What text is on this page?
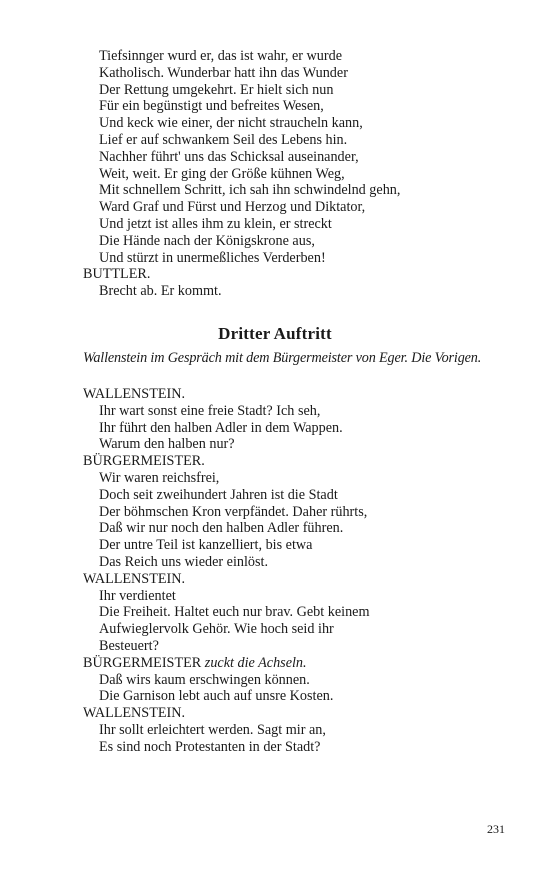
Tiefsinnger wurd er, das ist wahr, er wurde
Katholisch. Wunderbar hatt ihn das Wunder
Der Rettung umgekehrt. Er hielt sich nun
Für ein begünstigt und befreites Wesen,
Und keck wie einer, der nicht straucheln kann,
Lief er auf schwankem Seil des Lebens hin.
Nachher führt' uns das Schicksal auseinander,
Weit, weit. Er ging der Größe kühnen Weg,
Mit schnellem Schritt, ich sah ihn schwindelnd gehn,
Ward Graf und Fürst und Herzog und Diktator,
Und jetzt ist alles ihm zu klein, er streckt
Die Hände nach der Königskrone aus,
Und stürzt in unermeßliches Verderben!
BUTTLER.
Brecht ab. Er kommt.
Dritter Auftritt
Wallenstein im Gespräch mit dem Bürgermeister von Eger. Die Vorigen.
WALLENSTEIN.
Ihr wart sonst eine freie Stadt? Ich seh,
Ihr führt den halben Adler in dem Wappen.
Warum den halben nur?
BÜRGERMEISTER.
Wir waren reichsfrei,
Doch seit zweihundert Jahren ist die Stadt
Der böhmschen Kron verpfändet. Daher rührts,
Daß wir nur noch den halben Adler führen.
Der untre Teil ist kanzelliert, bis etwa
Das Reich uns wieder einlöst.
WALLENSTEIN.
Ihr verdientet
Die Freiheit. Haltet euch nur brav. Gebt keinem
Aufwieglervolk Gehör. Wie hoch seid ihr
Besteuert?
BÜRGERMEISTER zuckt die Achseln.
Daß wirs kaum erschwingen können.
Die Garnison lebt auch auf unsre Kosten.
WALLENSTEIN.
Ihr sollt erleichtert werden. Sagt mir an,
Es sind noch Protestanten in der Stadt?
231
